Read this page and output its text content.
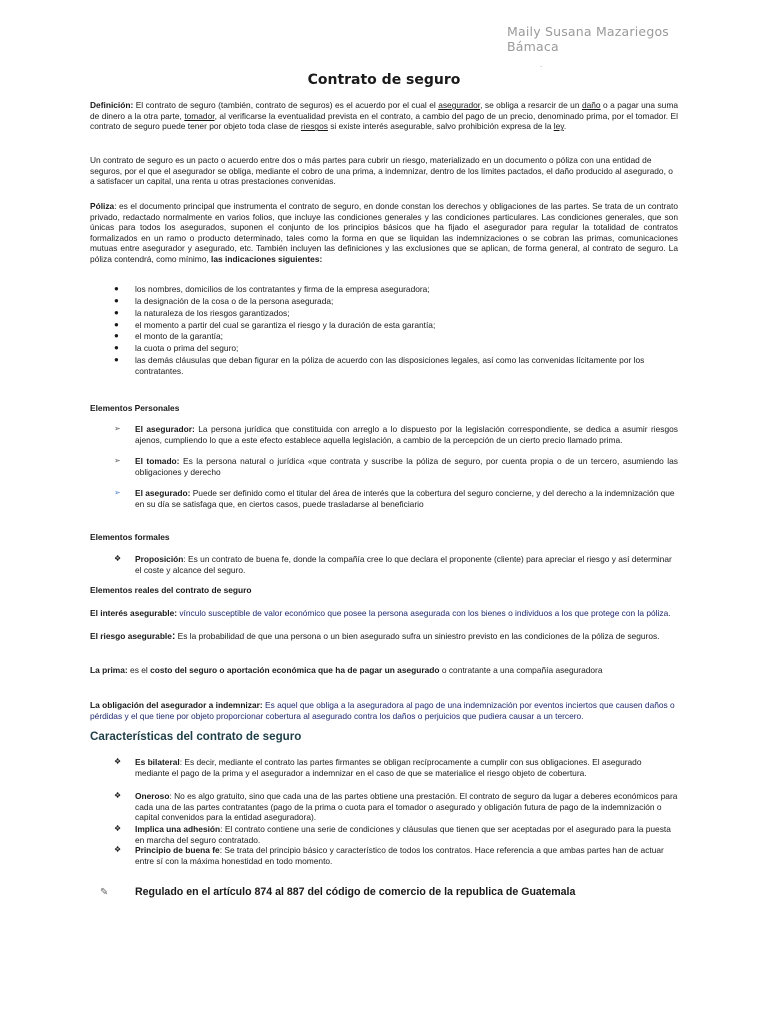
Maily Susana Mazariegos
Bámaca
.
Contrato de seguro

Definición: El contrato de seguro (también, contrato de seguros) es el acuerdo por el cual el asegurador, se obliga a resarcir de un daño o a pagar una suma de dinero a la otra parte, tomador, al verificarse la eventualidad prevista en el contrato, a cambio del pago de un precio, denominado prima, por el tomador. El contrato de seguro puede tener por objeto toda clase de riesgos si existe interés asegurable, salvo prohibición expresa de la ley.

Un contrato de seguro es un pacto o acuerdo entre dos o más partes para cubrir un riesgo, materializado en un documento o póliza con una entidad de seguros, por el que el asegurador se obliga, mediante el cobro de una prima, a indemnizar, dentro de los límites pactados, el daño producido al asegurado, o a satisfacer un capital, una renta u otras prestaciones convenidas.

Póliza: es el documento principal que instrumenta el contrato de seguro, en donde constan los derechos y obligaciones de las partes. Se trata de un contrato privado, redactado normalmente en varios folios, que incluye las condiciones generales y las condiciones particulares. Las condiciones generales, que son únicas para todos los asegurados, suponen el conjunto de los principios básicos que ha fijado el asegurador para regular la totalidad de contratos formalizados en un ramo o producto determinado, tales como la forma en que se liquidan las indemnizaciones o se cobran las primas, comunicaciones mutuas entre asegurador y asegurado, etc. También incluyen las definiciones y las exclusiones que se aplican, de forma general, al contrato de seguro. La póliza contendrá, como mínimo, las indicaciones siguientes:

● los nombres, domicilios de los contratantes y firma de la empresa aseguradora;
● la designación de la cosa o de la persona asegurada;
● la naturaleza de los riesgos garantizados;
● el momento a partir del cual se garantiza el riesgo y la duración de esta garantía;
● el monto de la garantía;
● la cuota o prima del seguro;
● las demás cláusulas que deban figurar en la póliza de acuerdo con las disposiciones legales, así como las convenidas lícitamente por los contratantes.

Elementos Personales

➢ El asegurador: La persona jurídica que constituida con arreglo a lo dispuesto por la legislación correspondiente, se dedica a asumir riesgos ajenos, cumpliendo lo que a este efecto establece aquella legislación, a cambio de la percepción de un cierto precio llamado prima.
➢ El tomado: Es la persona natural o jurídica «que contrata y suscribe la póliza de seguro, por cuenta propia o de un tercero, asumiendo las obligaciones y derecho
➢ El asegurado: Puede ser definido como el titular del área de interés que la cobertura del seguro concierne, y del derecho a la indemnización que en su día se satisfaga que, en ciertos casos, puede trasladarse al beneficiario

Elementos formales

❖ Proposición: Es un contrato de buena fe, donde la compañía cree lo que declara el proponente (cliente) para apreciar el riesgo y así determinar el coste y alcance del seguro.

Elementos reales del contrato de seguro

El interés asegurable: vínculo susceptible de valor económico que posee la persona asegurada con los bienes o individuos a los que protege con la póliza.

El riesgo asegurable: Es la probabilidad de que una persona o un bien asegurado sufra un siniestro previsto en las condiciones de la póliza de seguros.

La prima: es el costo del seguro o aportación económica que ha de pagar un asegurado o contratante a una compañía aseguradora

La obligación del asegurador a indemnizar: Es aquel que obliga a la aseguradora al pago de una indemnización por eventos inciertos que causen daños o pérdidas y el que tiene por objeto proporcionar cobertura al asegurado contra los daños o perjuicios que pudiera causar a un tercero.

Características del contrato de seguro

❖ Es bilateral: Es decir, mediante el contrato las partes firmantes se obligan recíprocamente a cumplir con sus obligaciones. El asegurado mediante el pago de la prima y el asegurador a indemnizar en el caso de que se materialice el riesgo objeto de cobertura.
❖ Oneroso: No es algo gratuito, sino que cada una de las partes obtiene una prestación. El contrato de seguro da lugar a deberes económicos para cada una de las partes contratantes (pago de la prima o cuota para el tomador o asegurado y obligación futura de pago de la indemnización o capital convenidos para la entidad aseguradora).
❖ Implica una adhesión: El contrato contiene una serie de condiciones y cláusulas que tienen que ser aceptadas por el asegurado para la puesta en marcha del seguro contratado.
❖ Principio de buena fe: Se trata del principio básico y característico de todos los contratos. Hace referencia a que ambas partes han de actuar entre sí con la máxima honestidad en todo momento.
✎	Regulado en el artículo 874 al 887 del código de comercio de la republica de Guatemala
